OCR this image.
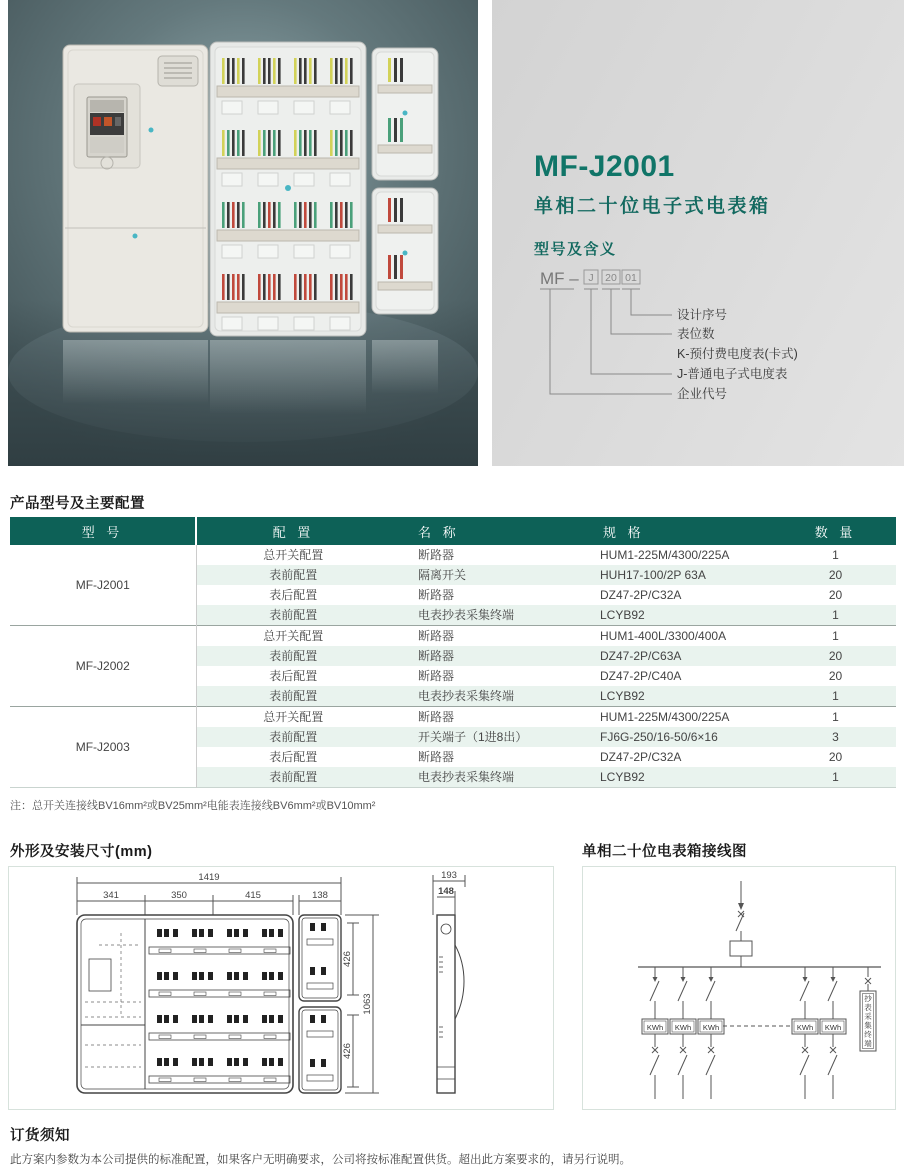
MF-J2001
单相二十位电子式电表箱
型号及含义
MF – J 20 01
设计序号
表位数
K-预付费电度表(卡式)
J-普通电子式电度表
企业代号
产品型号及主要配置
型 号	配 置	名 称	规 格	数 量
MF-J2001	总开关配置	断路器	HUM1-225M/4300/225A	1
	表前配置	隔离开关	HUH17-100/2P 63A	20
	表后配置	断路器	DZ47-2P/C32A	20
	表前配置	电表抄表采集终端	LCYB92	1
MF-J2002	总开关配置	断路器	HUM1-400L/3300/400A	1
	表前配置	断路器	DZ47-2P/C63A	20
	表后配置	断路器	DZ47-2P/C40A	20
	表前配置	电表抄表采集终端	LCYB92	1
MF-J2003	总开关配置	断路器	HUM1-225M/4300/225A	1
	表前配置	开关端子（1进8出）	FJ6G-250/16-50/6×16	3
	表后配置	断路器	DZ47-2P/C32A	20
	表前配置	电表抄表采集终端	LCYB92	1
注：总开关连接线BV16mm²或BV25mm²电能表连接线BV6mm²或BV10mm²
外形及安装尺寸(mm)
1419
341	350	415	138
426
426
1063
193
148
单相二十位电表箱接线图
KWh KWh KWh	KWh KWh
抄表采集终端
订货须知
此方案内参数为本公司提供的标准配置，如果客户无明确要求，公司将按标准配置供货。超出此方案要求的，请另行说明。
